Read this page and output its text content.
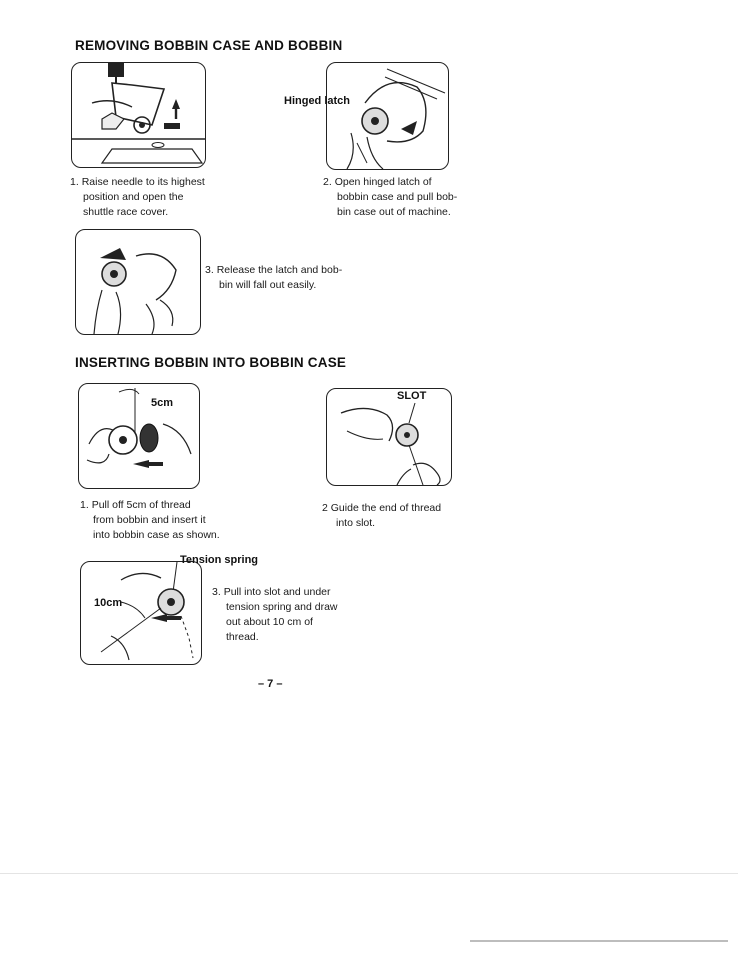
REMOVING BOBBIN CASE AND BOBBIN
Hinged latch

1. Raise needle to its highest

position and open the

shuttle race cover.

2. Open hinged latch of

bobbin case and pull bob-

bin case out of machine.

3. Release the latch and bob-

bin will fall out easily.

INSERTING BOBBIN INTO BOBBIN CASE
5cm
SLOT

1. Pull off 5cm of thread

from bobbin and insert it

into bobbin case as shown.

2 Guide the end of thread

into slot.

Tension spring
10cm

3. Pull into slot and under

tension spring and draw

out about 10 cm of

thread.

– 7 –
